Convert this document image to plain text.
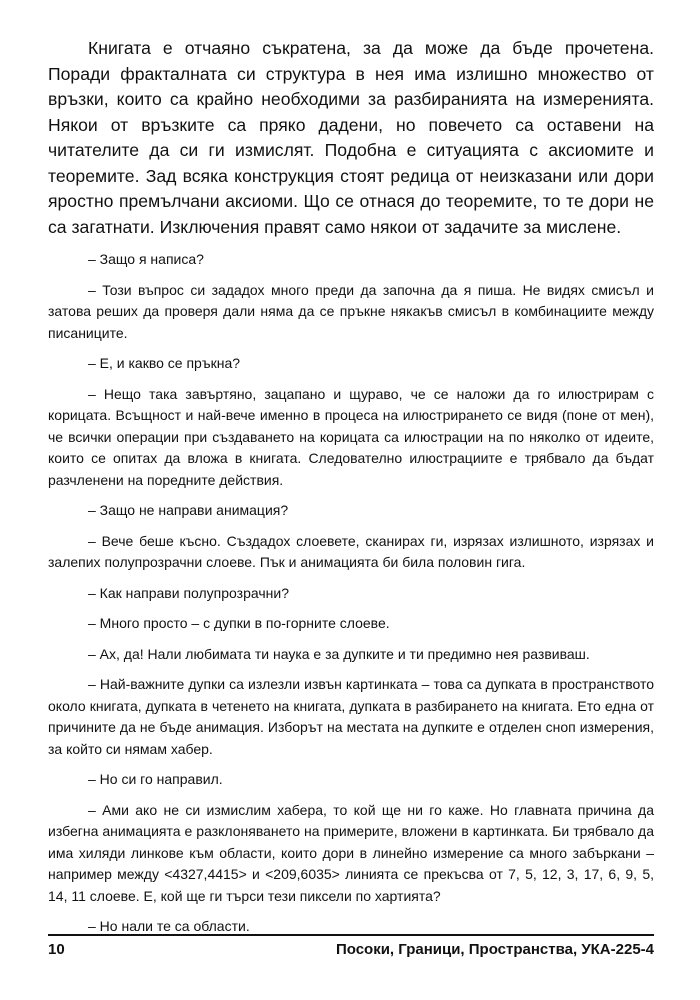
Книгата е отчаяно съкратена, за да може да бъде прочетена. Поради фракталната си структура в нея има излишно множество от връзки, които са крайно необходими за разбиранията на измеренията. Някои от връзките са пряко дадени, но повечето са оставени на читателите да си ги измислят. Подобна е ситуацията с аксиомите и теоремите. Зад всяка конструкция стоят редица от неизказани или дори яростно премълчани аксиоми. Що се отнася до теоремите, то те дори не са загатнати. Изключения правят само някои от задачите за мислене.

– Защо я написа?
– Този въпрос си зададох много преди да започна да я пиша. Не видях смисъл и затова реших да проверя дали няма да се пръкне някакъв смисъл в комбинациите между писаниците.
– Е, и какво се пръкна?
– Нещо така завъртяно, зацапано и щуравo, че се наложи да го илюстрирам с корицата. Всъщност и най-вече именно в процеса на илюстрирането се видя (поне от мен), че всички операции при създаването на корицата са илюстрации на по няколко от идеите, които се опитах да вложа в книгата. Следователно илюстрациите е трябвало да бъдат разчленени на поредните действия.
– Защо не направи анимация?
– Вече беше късно. Създадох слоевете, сканирах ги, изрязах излишното, изрязах и залепих полупрозрачни слоеве. Пък и анимацията би била половин гига.
– Как направи полупрозрачни?
– Много просто – с дупки в по-горните слоеве.
– Ах, да! Нали любимата ти наука е за дупките и ти предимно нея развиваш.
– Най-важните дупки са излезли извън картинката – това са дупката в пространството около книгата, дупката в четенето на книгата, дупката в разбирането на книгата. Ето една от причините да не бъде анимация. Изборът на местата на дупките е отделен сноп измерения, за който си нямам хабер.
– Но си го направил.
– Ами ако не си измислим хабера, то кой ще ни го каже. Но главната причина да избегна анимацията е разклоняването на примерите, вложени в картинката. Би трябвало да има хиляди линкове към области, които дори в линейно измерение са много забъркани – например между <4327,4415> и <209,6035> линията се прекъсва от 7, 5, 12, 3, 17, 6, 9, 5, 14, 11 слоеве. Е, кой ще ги търси тези пиксели по хартията?
– Но нали те са области.
10	Посоки, Граници, Пространства, УКА-225-4
